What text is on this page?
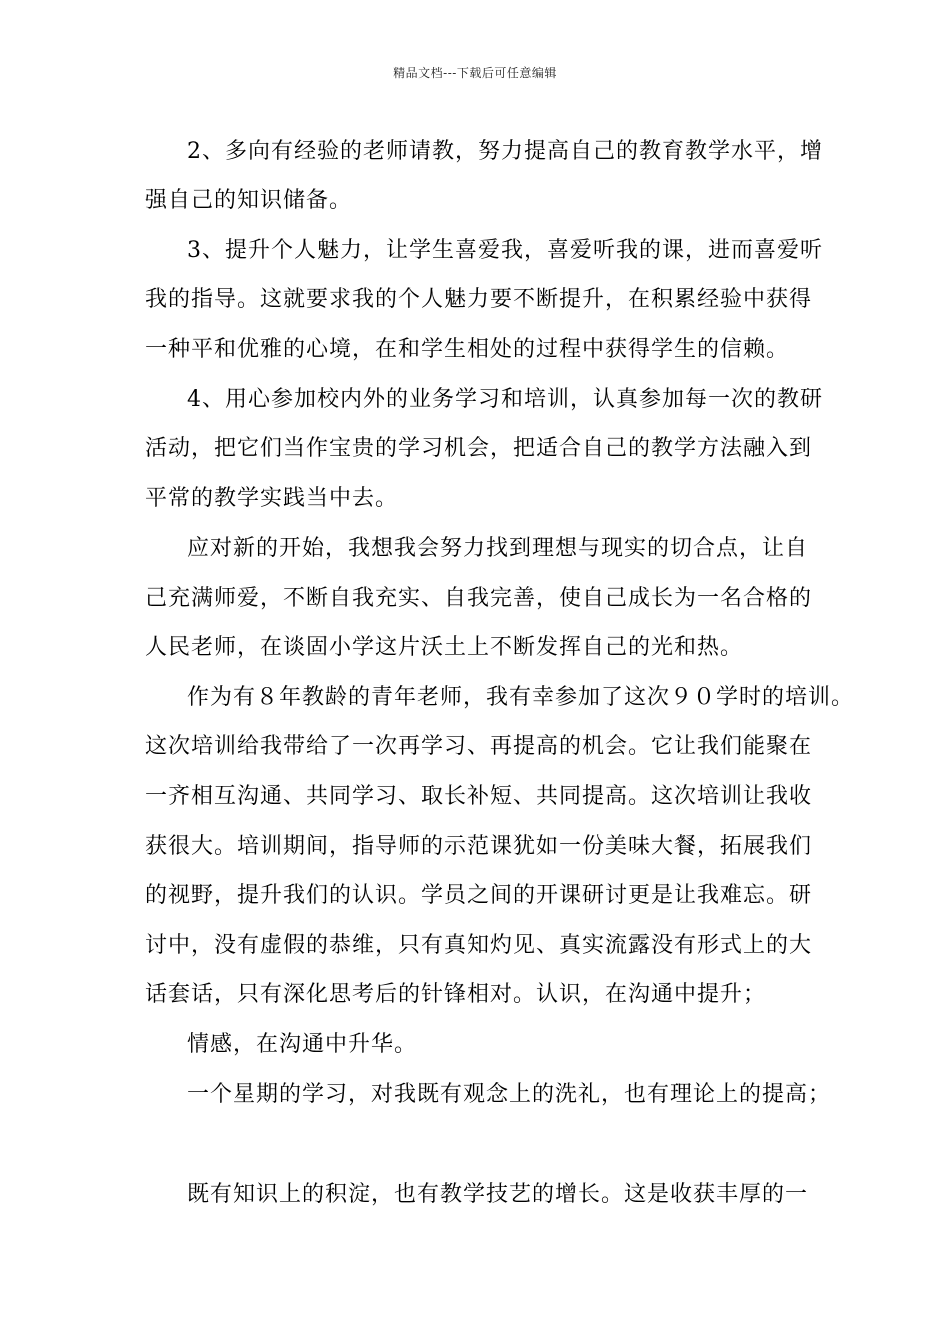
精品文档---下载后可任意编辑
2、多向有经验的老师请教，努力提高自己的教育教学水平，增
强自己的知识储备。
3、提升个人魅力，让学生喜爱我，喜爱听我的课，进而喜爱听
我的指导。这就要求我的个人魅力要不断提升，在积累经验中获得
一种平和优雅的心境，在和学生相处的过程中获得学生的信赖。
4、用心参加校内外的业务学习和培训，认真参加每一次的教研
活动，把它们当作宝贵的学习机会，把适合自己的教学方法融入到
平常的教学实践当中去。
应对新的开始，我想我会努力找到理想与现实的切合点，让自
己充满师爱，不断自我充实、自我完善，使自己成长为一名合格的
人民老师，在谈固小学这片沃土上不断发挥自己的光和热。
作为有８年教龄的青年老师，我有幸参加了这次９０学时的培训。
这次培训给我带给了一次再学习、再提高的机会。它让我们能聚在
一齐相互沟通、共同学习、取长补短、共同提高。这次培训让我收
获很大。培训期间，指导师的示范课犹如一份美味大餐，拓展我们
的视野，提升我们的认识。学员之间的开课研讨更是让我难忘。研
讨中，没有虚假的恭维，只有真知灼见、真实流露没有形式上的大
话套话，只有深化思考后的针锋相对。认识，在沟通中提升；
情感，在沟通中升华。
一个星期的学习，对我既有观念上的洗礼，也有理论上的提高；
既有知识上的积淀，也有教学技艺的增长。这是收获丰厚的一
